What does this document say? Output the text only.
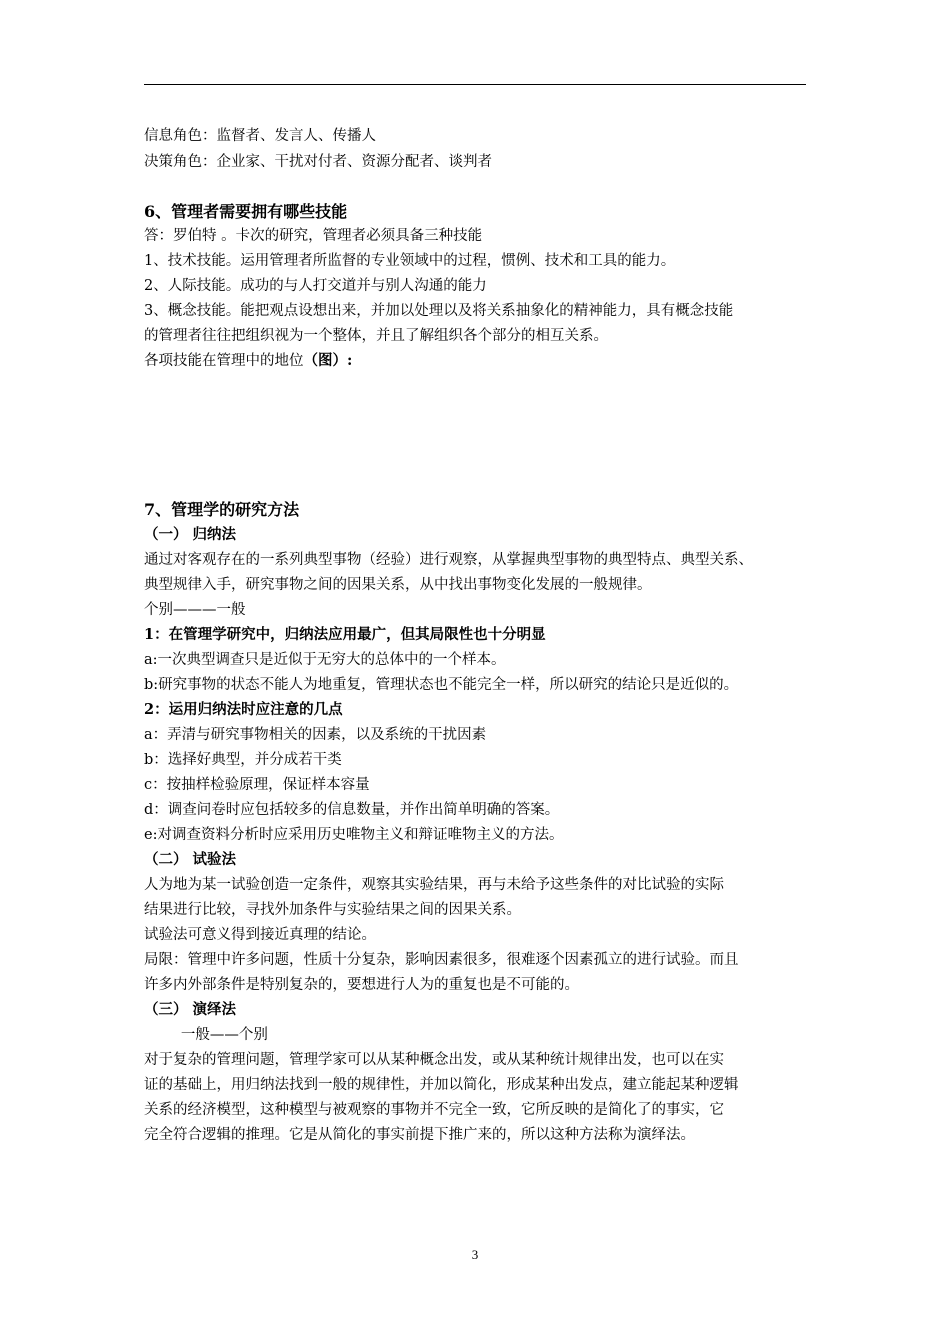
信息角色：监督者、发言人、传播人
决策角色：企业家、干扰对付者、资源分配者、谈判者
6、管理者需要拥有哪些技能
答：罗伯特 。卡次的研究，管理者必须具备三种技能
1、技术技能。运用管理者所监督的专业领域中的过程，惯例、技术和工具的能力。
2、人际技能。成功的与人打交道并与别人沟通的能力
3、概念技能。能把观点设想出来，并加以处理以及将关系抽象化的精神能力，具有概念技能
的管理者往往把组织视为一个整体，并且了解组织各个部分的相互关系。
各项技能在管理中的地位（图）:
7、管理学的研究方法
（一） 归纳法
通过对客观存在的一系列典型事物（经验）进行观察，从掌握典型事物的典型特点、典型关系、
典型规律入手，研究事物之间的因果关系，从中找出事物变化发展的一般规律。
个别———一般
1：在管理学研究中，归纳法应用最广，但其局限性也十分明显
a:一次典型调查只是近似于无穷大的总体中的一个样本。
b:研究事物的状态不能人为地重复，管理状态也不能完全一样，所以研究的结论只是近似的。
2：运用归纳法时应注意的几点
a：弄清与研究事物相关的因素，以及系统的干扰因素
b：选择好典型，并分成若干类
c：按抽样检验原理，保证样本容量
d：调查问卷时应包括较多的信息数量，并作出简单明确的答案。
e:对调查资料分析时应采用历史唯物主义和辩证唯物主义的方法。
（二） 试验法
人为地为某一试验创造一定条件，观察其实验结果，再与未给予这些条件的对比试验的实际
结果进行比较，寻找外加条件与实验结果之间的因果关系。
试验法可意义得到接近真理的结论。
局限：管理中许多问题，性质十分复杂，影响因素很多，很难逐个因素孤立的进行试验。而且
许多内外部条件是特别复杂的，要想进行人为的重复也是不可能的。
（三） 演绎法
一般——个别
对于复杂的管理问题，管理学家可以从某种概念出发，或从某种统计规律出发，也可以在实
证的基础上，用归纳法找到一般的规律性，并加以简化，形成某种出发点，建立能起某种逻辑
关系的经济模型，这种模型与被观察的事物并不完全一致，它所反映的是简化了的事实，它
完全符合逻辑的推理。它是从简化的事实前提下推广来的，所以这种方法称为演绎法。
3
